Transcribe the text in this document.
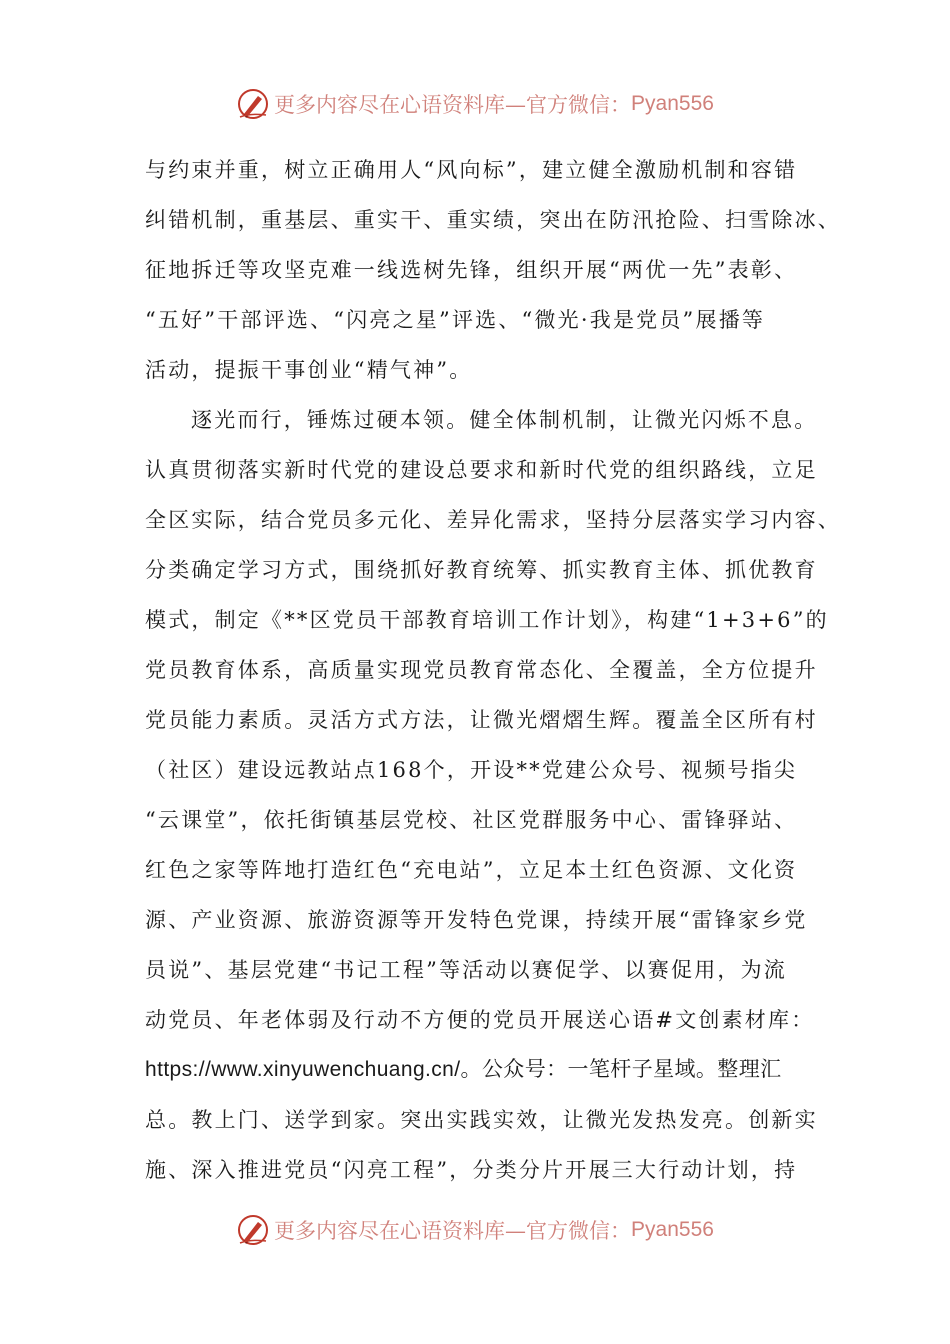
更多内容尽在心语资料库—官方微信： Pyan556
与约束并重，树立正确用人“风向标”，建立健全激励机制和容错
纠错机制，重基层、重实干、重实绩，突出在防汛抢险、扫雪除冰、
征地拆迁等攻坚克难一线选树先锋，组织开展“两优一先”表彰、
“五好”干部评选、“闪亮之星”评选、“微光·我是党员”展播等
活动，提振干事创业“精气神”。
逐光而行，锤炼过硬本领。健全体制机制，让微光闪烁不息。
认真贯彻落实新时代党的建设总要求和新时代党的组织路线，立足
全区实际，结合党员多元化、差异化需求，坚持分层落实学习内容、
分类确定学习方式，围绕抓好教育统筹、抓实教育主体、抓优教育
模式，制定《**区党员干部教育培训工作计划》，构建“1+3+6”的
党员教育体系，高质量实现党员教育常态化、全覆盖，全方位提升
党员能力素质。灵活方式方法，让微光熠熠生辉。覆盖全区所有村
（社区）建设远教站点168个，开设**党建公众号、视频号指尖
“云课堂”，依托街镇基层党校、社区党群服务中心、雷锋驿站、
红色之家等阵地打造红色“充电站”，立足本土红色资源、文化资
源、产业资源、旅游资源等开发特色党课，持续开展“雷锋家乡党
员说”、基层党建“书记工程”等活动以赛促学、以赛促用，为流
动党员、年老体弱及行动不方便的党员开展送心语#文创素材库：
https://www.xinyuwenchuang.cn/。公众号：一笔杆子星域。整理汇
总。教上门、送学到家。突出实践实效，让微光发热发亮。创新实
施、深入推进党员“闪亮工程”，分类分片开展三大行动计划，持
更多内容尽在心语资料库—官方微信： Pyan556
